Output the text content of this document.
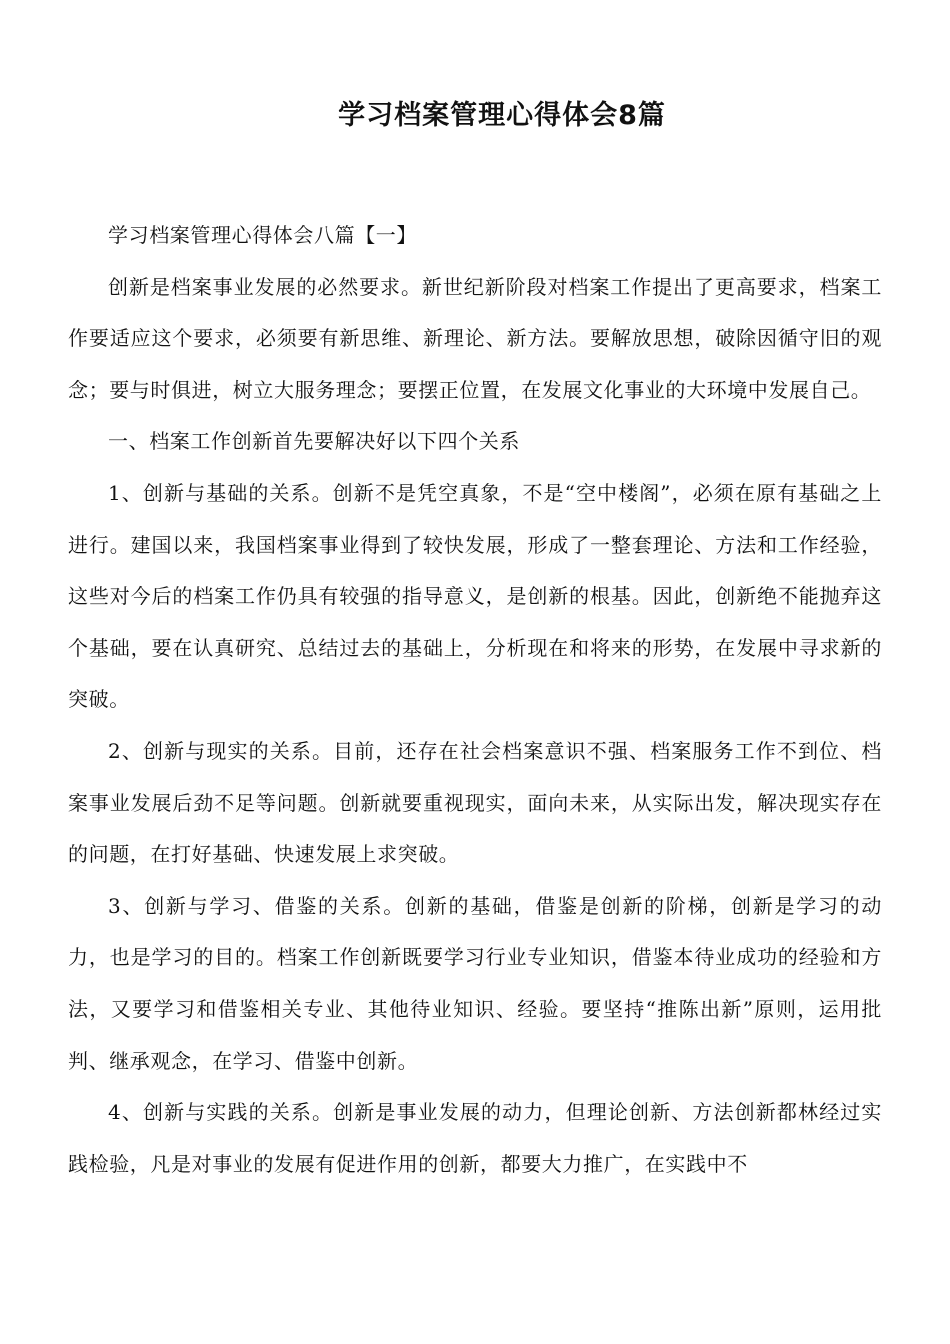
学习档案管理心得体会8篇

学习档案管理心得体会八篇【一】

创新是档案事业发展的必然要求。新世纪新阶段对档案工作提出了更高要求，档案工作要适应这个要求，必须要有新思维、新理论、新方法。要解放思想，破除因循守旧的观念；要与时俱进，树立大服务理念；要摆正位置，在发展文化事业的大环境中发展自己。

一、档案工作创新首先要解决好以下四个关系

1、创新与基础的关系。创新不是凭空真象，不是“空中楼阁”，必须在原有基础之上进行。建国以来，我国档案事业得到了较快发展，形成了一整套理论、方法和工作经验，这些对今后的档案工作仍具有较强的指导意义，是创新的根基。因此，创新绝不能抛弃这个基础，要在认真研究、总结过去的基础上，分析现在和将来的形势，在发展中寻求新的突破。

2、创新与现实的关系。目前，还存在社会档案意识不强、档案服务工作不到位、档案事业发展后劲不足等问题。创新就要重视现实，面向未来，从实际出发，解决现实存在的问题，在打好基础、快速发展上求突破。

3、创新与学习、借鉴的关系。创新的基础，借鉴是创新的阶梯，创新是学习的动力，也是学习的目的。档案工作创新既要学习行业专业知识，借鉴本待业成功的经验和方法，又要学习和借鉴相关专业、其他待业知识、经验。要坚持“推陈出新”原则，运用批判、继承观念，在学习、借鉴中创新。

4、创新与实践的关系。创新是事业发展的动力，但理论创新、方法创新都林经过实践检验，凡是对事业的发展有促进作用的创新，都要大力推广，在实践中不
